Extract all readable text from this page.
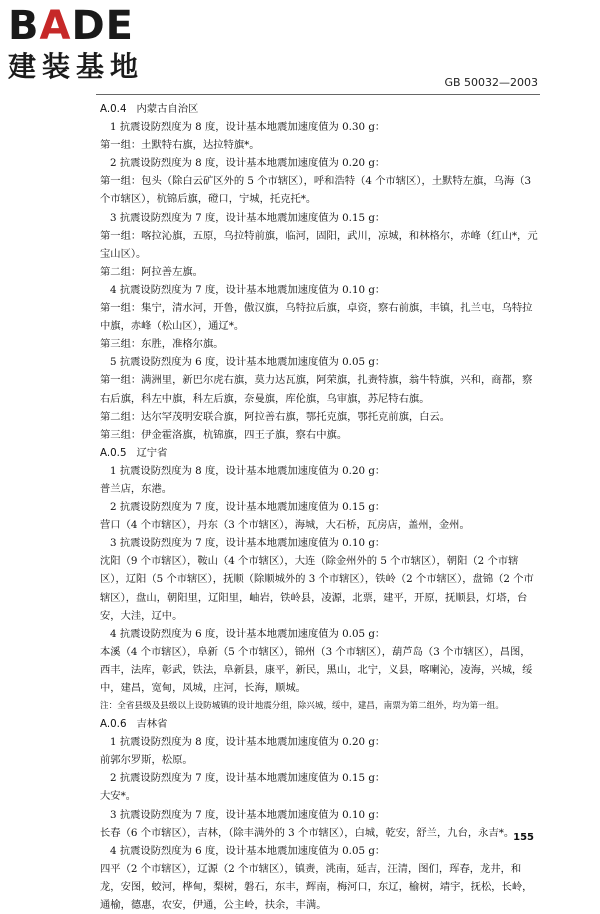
BADE
建装基地	GB 50032—2003

A.0.4 内蒙古自治区

1 抗震设防烈度为 8 度，设计基本地震加速度值为 0.30 g：

第一组：土默特右旗，达拉特旗*。

2 抗震设防烈度为 8 度，设计基本地震加速度值为 0.20 g：

第一组：包头（除白云矿区外的 5 个市辖区），呼和浩特（4 个市辖区），土默特左旗，乌海（3 个市辖区），杭锦后旗，磴口，宁城，托克托*。

3 抗震设防烈度为 7 度，设计基本地震加速度值为 0.15 g：

第一组：喀拉沁旗，五原，乌拉特前旗，临河，固阳，武川，凉城，和林格尔，赤峰（红山*，元宝山区）。

第二组：阿拉善左旗。

4 抗震设防烈度为 7 度，设计基本地震加速度值为 0.10 g：

第一组：集宁，清水河，开鲁，傲汉旗，乌特拉后旗，卓资，察右前旗，丰镇，扎兰屯，乌特拉中旗，赤峰（松山区），通辽*。

第三组：东胜，准格尔旗。

5 抗震设防烈度为 6 度，设计基本地震加速度值为 0.05 g：

第一组：满洲里，新巴尔虎右旗，莫力达瓦旗，阿荣旗，扎赉特旗，翁牛特旗，兴和，商都，察右后旗，科左中旗，科左后旗，奈曼旗，库伦旗，乌审旗，苏尼特右旗。

第二组：达尔罕茂明安联合旗，阿拉善右旗，鄂托克旗，鄂托克前旗，白云。

第三组：伊金霍洛旗，杭锦旗，四王子旗，察右中旗。

A.0.5 辽宁省

1 抗震设防烈度为 8 度，设计基本地震加速度值为 0.20 g：

普兰店，东港。

2 抗震设防烈度为 7 度，设计基本地震加速度值为 0.15 g：

营口（4 个市辖区），丹东（3 个市辖区），海城，大石桥，瓦房店，盖州，金州。

3 抗震设防烈度为 7 度，设计基本地震加速度值为 0.10 g：

沈阳（9 个市辖区），鞍山（4 个市辖区），大连（除金州外的 5 个市辖区），朝阳（2 个市辖区），辽阳（5 个市辖区），抚顺（除顺城外的 3 个市辖区），铁岭（2 个市辖区），盘锦（2 个市辖区），盘山，朝阳里，辽阳里，岫岩，铁岭县，凌源，北票，建平，开原，抚顺县，灯塔，台安，大洼，辽中。

4 抗震设防烈度为 6 度，设计基本地震加速度值为 0.05 g：

本溪（4 个市辖区），阜新（5 个市辖区），锦州（3 个市辖区），葫芦岛（3 个市辖区），昌图，西丰，法库，彰武，铁法，阜新县，康平，新民，黑山，北宁，义县，喀喇沁，凌海，兴城，绥中，建昌，宽甸，凤城，庄河，长海，顺城。

注：全省县级及县级以上设防城镇的设计地震分组，除兴城，绥中，建昌，南票为第二组外，均为第一组。

A.0.6 吉林省

1 抗震设防烈度为 8 度，设计基本地震加速度值为 0.20 g：

前郭尔罗斯，松原。

2 抗震设防烈度为 7 度，设计基本地震加速度值为 0.15 g：

大安*。

3 抗震设防烈度为 7 度，设计基本地震加速度值为 0.10 g：

长春（6 个市辖区），吉林，（除丰满外的 3 个市辖区），白城，乾安，舒兰，九台，永吉*。

4 抗震设防烈度为 6 度，设计基本地震加速度值为 0.05 g：

四平（2 个市辖区），辽源（2 个市辖区），镇赉，洮南，延吉，汪清，图们，珲春，龙井，和龙，安图，蛟河，桦甸，梨树，磐石，东丰，辉南，梅河口，东辽，榆树，靖宇，抚松，长岭，通榆，德惠，农安，伊通，公主岭，扶余，丰满。

155
